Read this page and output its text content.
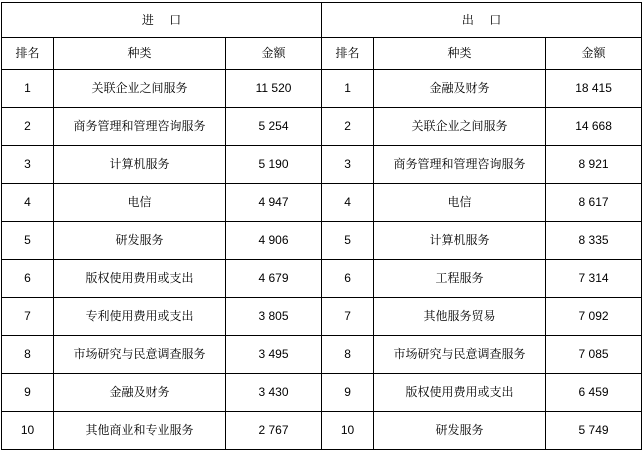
进 口			出 口		
排名	种类	金额	排名	种类	金额
1	关联企业之间服务	11 520	1	金融及财务	18 415
2	商务管理和管理咨询服务	5 254	2	关联企业之间服务	14 668
3	计算机服务	5 190	3	商务管理和管理咨询服务	8 921
4	电信	4 947	4	电信	8 617
5	研发服务	4 906	5	计算机服务	8 335
6	版权使用费用或支出	4 679	6	工程服务	7 314
7	专利使用费用或支出	3 805	7	其他服务贸易	7 092
8	市场研究与民意调查服务	3 495	8	市场研究与民意调查服务	7 085
9	金融及财务	3 430	9	版权使用费用或支出	6 459
10	其他商业和专业服务	2 767	10	研发服务	5 749
